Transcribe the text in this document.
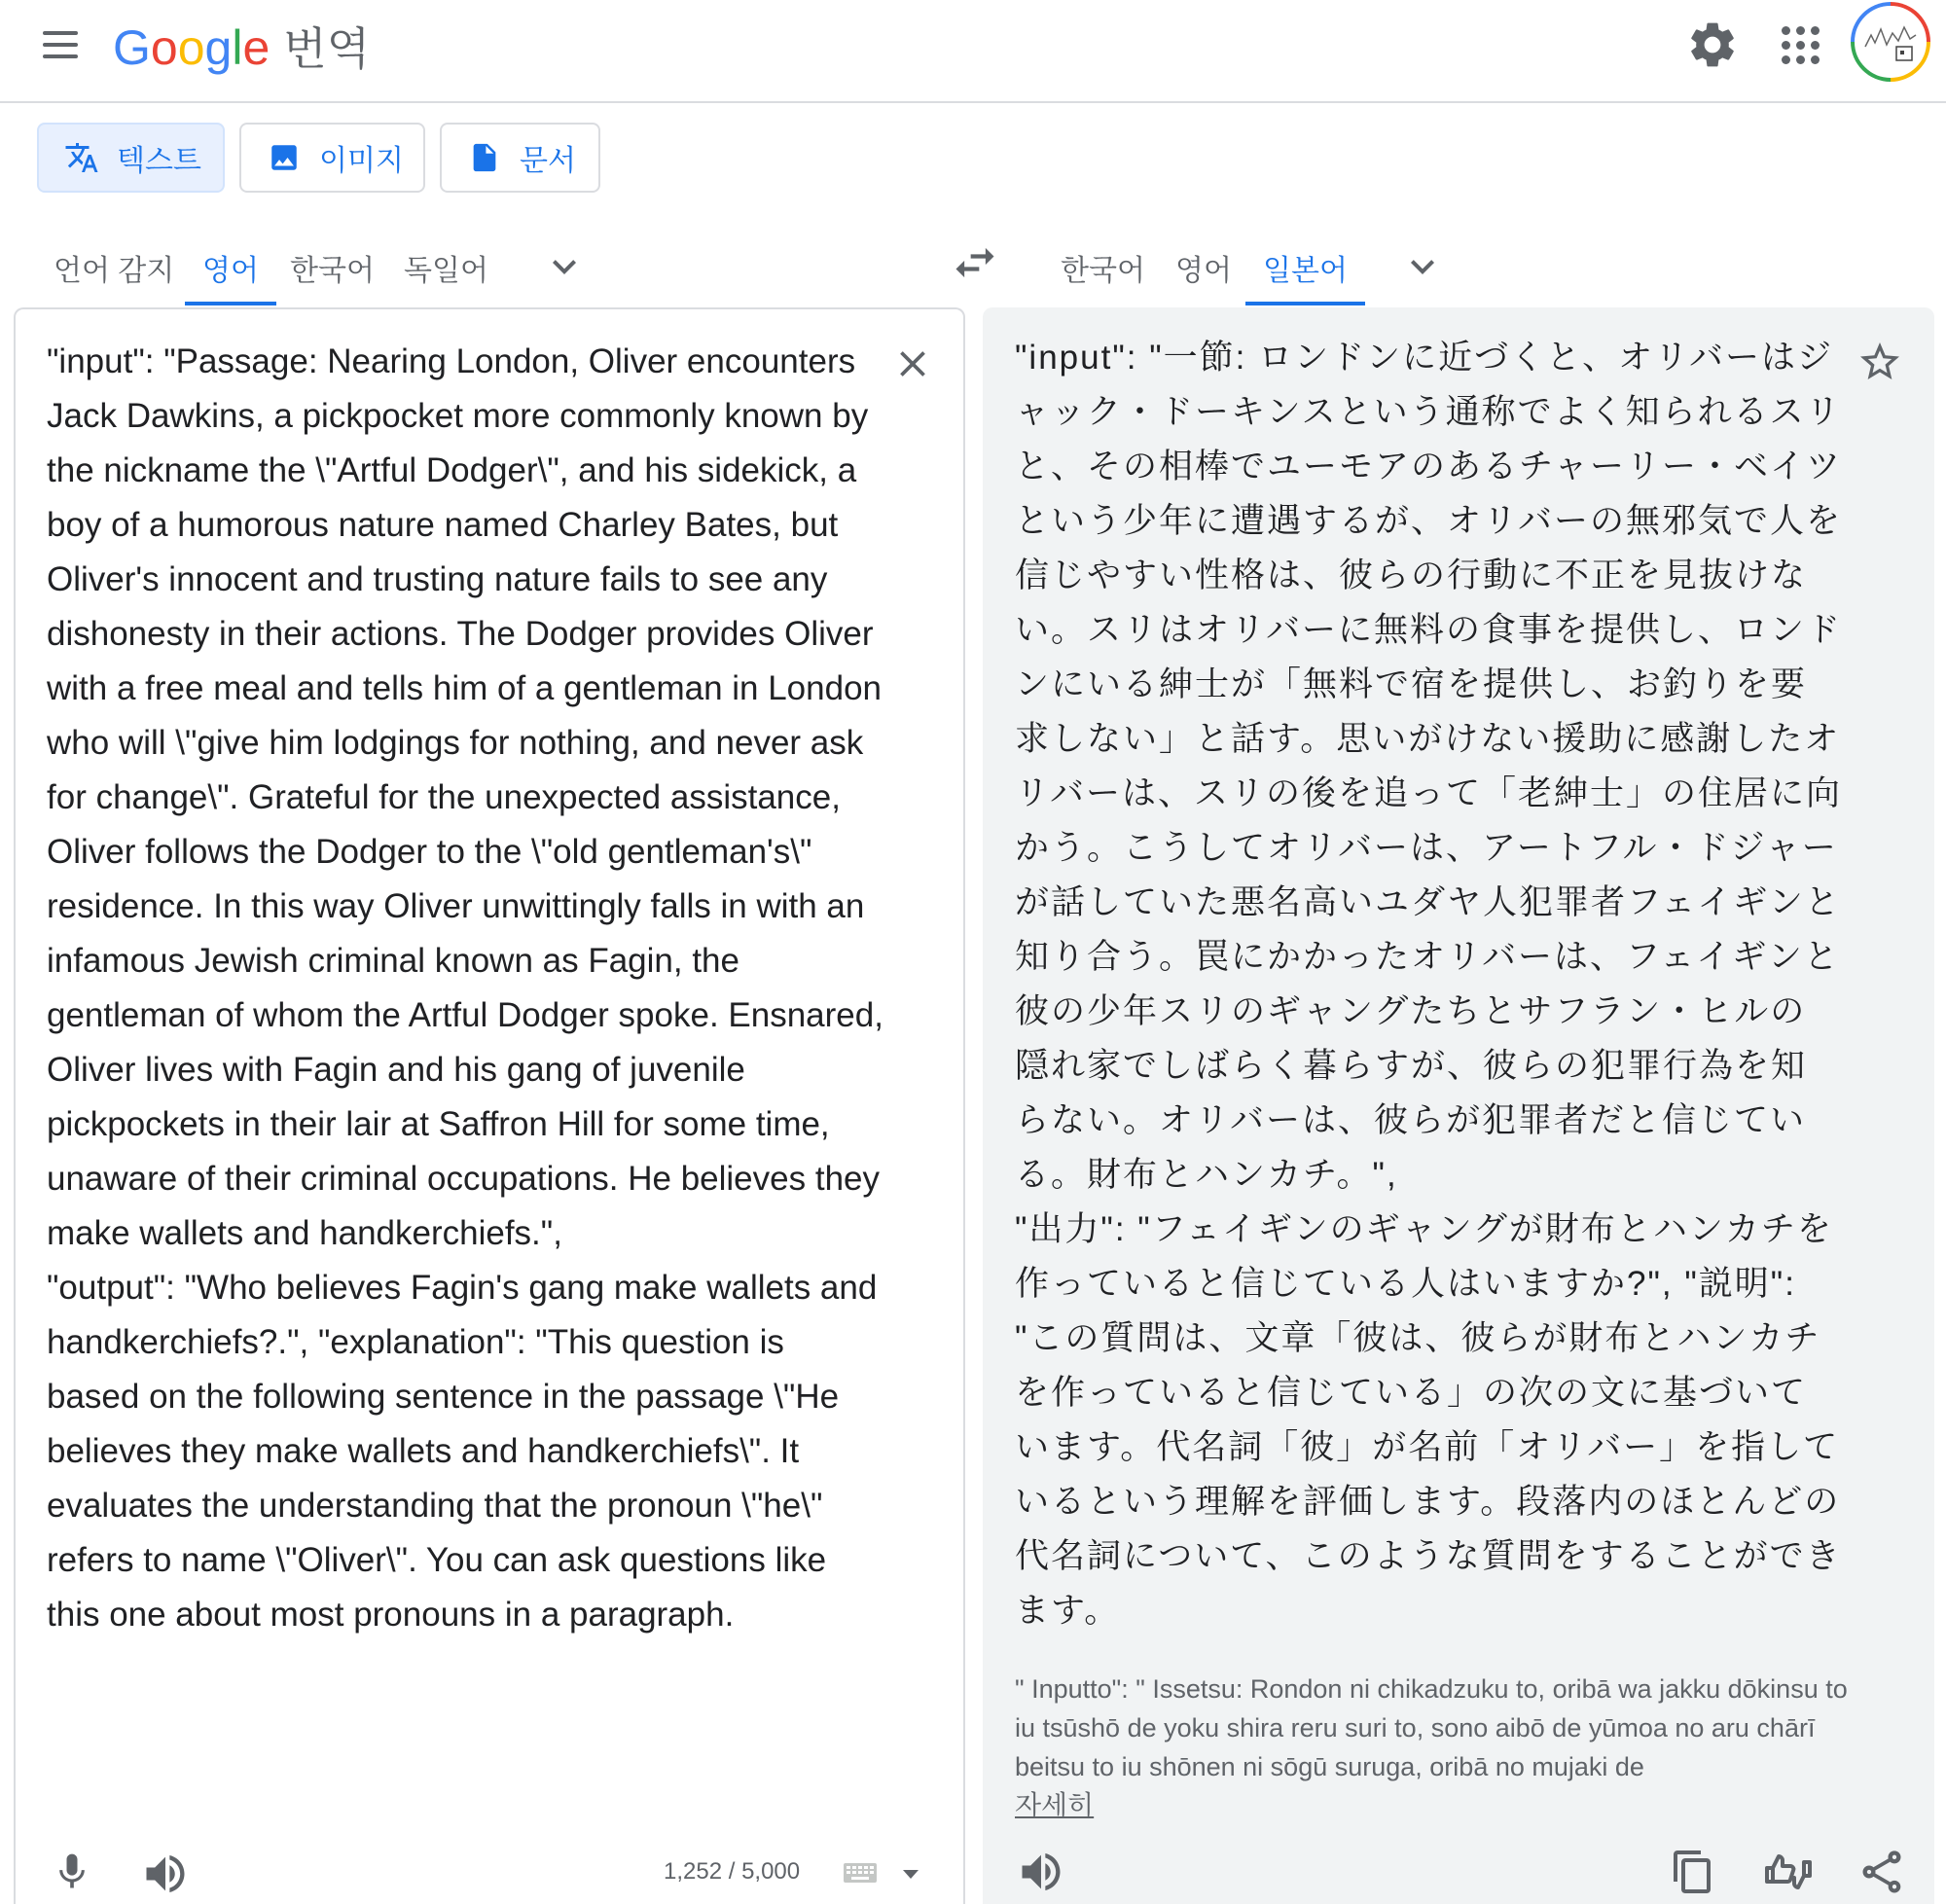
G o o g l e 번역
텍스트	이미지	문서
언어 감지 영어 한국어 독일어	한국어 영어 일본어
"input": "Passage: Nearing London, Oliver encounters Jack Dawkins, a pickpocket more commonly known by the nickname the \"Artful Dodger\", and his sidekick, a boy of a humorous nature named Charley Bates, but Oliver's innocent and trusting nature fails to see any dishonesty in their actions. The Dodger provides Oliver with a free meal and tells him of a gentleman in London who will \"give him lodgings for nothing, and never ask for change\". Grateful for the unexpected assistance, Oliver follows the Dodger to the \"old gentleman's\" residence. In this way Oliver unwittingly falls in with an infamous Jewish criminal known as Fagin, the gentleman of whom the Artful Dodger spoke. Ensnared, Oliver lives with Fagin and his gang of juvenile pickpockets in their lair at Saffron Hill for some time, unaware of their criminal occupations. He believes they make wallets and handkerchiefs.",
"output": "Who believes Fagin's gang make wallets and handkerchiefs?.", "explanation": "This question is based on the following sentence in the passage \"He believes they make wallets and handkerchiefs\". It evaluates the understanding that the pronoun \"he\" refers to name \"Oliver\". You can ask questions like this one about most pronouns in a paragraph.
1,252 / 5,000
"input": "一節: ロンドンに近づくと、オリバーはジャック・ドーキンスという通称でよく知られるスリと、その相棒でユーモアのあるチャーリー・ベイツという少年に遭遇するが、オリバーの無邪気で人を信じやすい性格は、彼らの行動に不正を見抜けない。スリはオリバーに無料の食事を提供し、ロンドンにいる紳士が「無料で宿を提供し、お釣りを要求しない」と話す。思いがけない援助に感謝したオリバーは、スリの後を追って「老紳士」の住居に向かう。こうしてオリバーは、アートフル・ドジャーが話していた悪名高いユダヤ人犯罪者フェイギンと知り合う。罠にかかったオリバーは、フェイギンと彼の少年スリのギャングたちとサフラン・ヒルの隠れ家でしばらく暮らすが、彼らの犯罪行為を知らない。オリバーは、彼らが犯罪者だと信じている。財布とハンカチ。",
"出力": "フェイギンのギャングが財布とハンカチを作っていると信じている人はいますか?", "説明": "この質問は、文章「彼は、彼らが財布とハンカチを作っていると信じている」の次の文に基づいています。代名詞「彼」が名前「オリバー」を指しているという理解を評価します。段落内のほとんどの代名詞について、このような質問をすることができます。
" Inputto": " Issetsu: Rondon ni chikadzuku to, oribā wa jakku dōkinsu to iu tsūshō de yoku shira reru suri to, sono aibō de yūmoa no aru chārī beitsu to iu shōnen ni sōgū suruga, oribā no mujaki de
자세히
